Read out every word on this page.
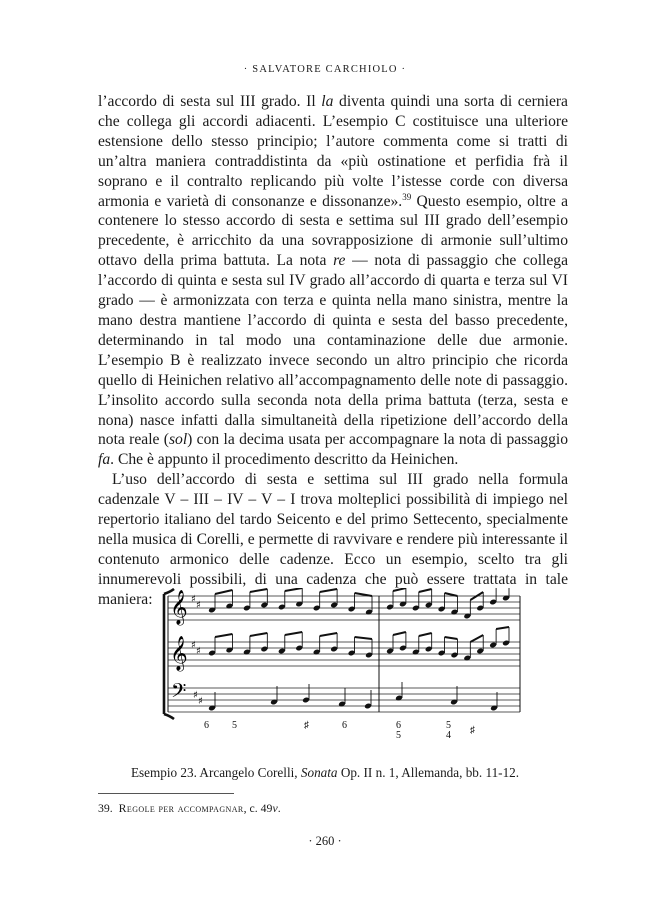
· SALVATORE CARCHIOLO ·

l’accordo di sesta sul III grado. Il la diventa quindi una sorta di cerniera che collega gli accordi adiacenti. L’esempio C costituisce una ulteriore estensione dello stesso principio; l’autore commenta come si tratti di un’altra maniera contraddistinta da «più ostinatione et perfidia frà il soprano e il contralto replicando più volte l’istesse corde con diversa armonia e varietà di consonanze e dissonanze».$^{39}$ Questo esempio, oltre a contenere lo stesso accordo di sesta e settima sul III grado dell’esempio precedente, è arricchito da una sovrapposizione di armonie sull’ultimo ottavo della prima battuta. La nota re — nota di passaggio che collega l’accordo di quinta e sesta sul IV grado all’accordo di quarta e terza sul VI grado — è armonizzata con terza e quinta nella mano sinistra, mentre la mano destra mantiene l’accordo di quinta e sesta del basso precedente, determinando in tal modo una contaminazione delle due armonie. L’esempio B è realizzato invece secondo un altro principio che ricorda quello di Heinichen relativo all’accompagnamento delle note di passaggio. L’insolito accordo sulla seconda nota della prima battuta (terza, sesta e nona) nasce infatti dalla simultaneità della ripetizione dell’accordo della nota reale (sol) con la decima usata per accompagnare la nota di passaggio fa. Che è appunto il procedimento descritto da Heinichen.

L’uso dell’accordo di sesta e settima sul III grado nella formula cadenzale V – III – IV – V – I trova molteplici possibilità di impiego nel repertorio italiano del tardo Seicento e del primo Settecento, specialmente nella musica di Corelli, e permette di ravvivare e rendere più interessante il contenuto armonico delle cadenze. Ecco un esempio, scelto tra gli innumerevoli possibili, di una cadenza che può essere trattata in tale maniera: 𝄞
𝄞
𝄢
♯
♯
♯
♯
♯
♯
6 5	♯	6	6
5
5
4 ♯
Esempio 23. Arcangelo Corelli, Sonata Op. II n. 1, Allemanda, bb. 11-12.
39. Regole per accompagnar, c. 49v.
· 260 ·
